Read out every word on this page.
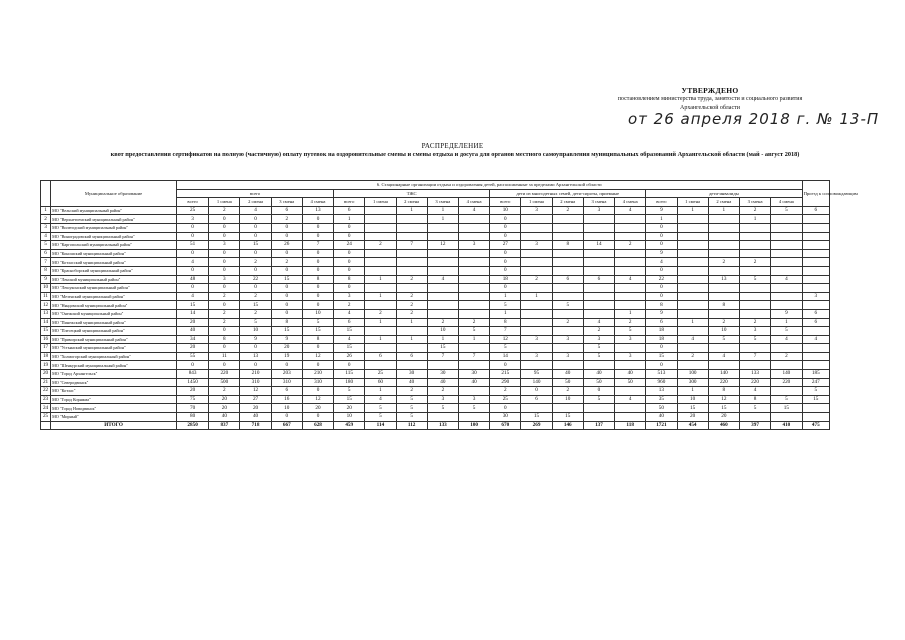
УТВЕРЖДЕНО
постановлением министерства труда, занятости и социального развития
Архангельской области
от 26 апреля 2018 г. № 13-П
РАСПРЕДЕЛЕНИЕ
квот предоставления сертификатов на полную (частичную) оплату путевок на оздоровительные смены и смены отдыха и досуга для органов местного самоуправления муниципальных образований Архангельской области (май - август 2018)
	Муниципальное образование	6. Стационарные организации отдыха и оздоровления детей, расположенные за пределами Архангельской области																				Проезд к сопровождающим
		всего					ТЖС					дети из многодетных семей, дети-сироты, приемные					дети-инвалиды					
		всего	1 смена	2 смена	3 смена	4 смена	всего	1 смена	2 смена	3 смена	4 смена	всего	1 смена	2 смена	3 смена	4 смена	всего	1 смена	2 смена	3 смена	4 смена	
1	МО "Вельский муниципальный район"	25	2	4	6	13	6		1	1	4	10	3	2	3	4	9	1	1	2	5	6
2	МО "Верхнетоемский муниципальный район"	3	0	0	2	0	1			1		0					1			1		
3	МО "Вилегодский муниципальный район"	0	0	0	0	0	0					0					0					
4	МО "Виноградовский муниципальный район"	0	0	0	0	0	0					0					0					
5	МО "Каргопольский муниципальный район"	51	3	15	26	7	24	2	7	12	3	27	3	8	14	2	0					
6	МО "Коношский муниципальный район"	0	0	0	0	0	0					0					9					
7	МО "Котласский муниципальный район"	4	0	2	2	0	0					0					4		2	2		
8	МО "Красноборский муниципальный район"	0	0	0	0	0	0					0					0					
9	МО "Ленский муниципальный район"	48	3	22	15	8	8	1	2	4		18	2	6	6	4	22		13	5	4	
10	МО "Лешуконский муниципальный район"	0	0	0	0	0	0					0					0					
11	МО "Мезенский муниципальный район"	4	2	2	0	0	3	1	2			1	1				0					3
12	МО "Няндомский муниципальный район"	15	0	15	0	0	2		2			5		5			8		8			
13	МО "Онежский муниципальный район"	14	2	2	0	10	4	2	2			1				1	9				9	6
14	МО "Пинежский муниципальный район"	20	2	5	8	5	6	1	1	2	2	8		2	4	2	6	1	2	2	1	6
15	МО "Плесецкий муниципальный район"	40	0	10	15	15	15			10	5	7			2	5	18		10	3	5	
16	МО "Приморский муниципальный район"	34	8	9	9	8	4	1	1	1	1	12	3	3	3	3	18	4	5	5	4	4
17	МО "Устьянский муниципальный район"	20	0	0	20	0	15			15		5			5		0					
18	МО "Холмогорский муниципальный район"	55	11	13	19	12	26	6	6	7	7	14	3	3	5	3	15	2	4	7	2	
19	МО "Шенкурский муниципальный район"	0	0	0	0	0	0					0					0					
20	МО "Город Архангельск"	843	220	210	203	210	115	25	30	30	30	215	95	40	40	40	513	100	140	133	140	185
21	МО "Северодвинск"	1450	500	310	310	310	180	60	40	40	40	290	140	50	50	50	960	300	220	220	220	247
22	МО "Котлас"	20	2	12	6	0	5	1	2	2		2	0	2	0		13	1	8	4		5
23	МО "Город Коряжма"	75	20	27	16	12	15	4	5	3	3	25	6	10	5	4	35	10	12	8	5	15
24	МО "Город Новодвинск"	70	20	20	10	20	20	5	5	5	5	0					50	15	15	5	15	
25	МО "Мирный"	80	40	40	0	0	10	5	5			30	15	15			40	20	20			
	ИТОГО	2850	837	718	667	628	459	114	112	133	100	670	269	146	137	118	1721	454	460	397	410	475
